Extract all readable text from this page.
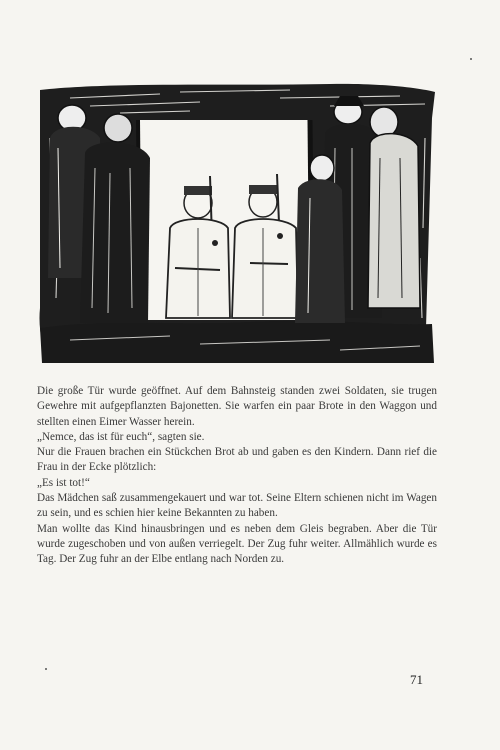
Die große Tür wurde geöffnet. Auf dem Bahnsteig standen zwei Soldaten, sie trugen Gewehre mit aufgepflanzten Bajonetten. Sie warfen ein paar Brote in den Waggon und stellten einen Eimer Wasser herein.

„Nemce, das ist für euch“, sagten sie.

Nur die Frauen brachen ein Stückchen Brot ab und gaben es den Kindern. Dann rief die Frau in der Ecke plötzlich:

„Es ist tot!“

Das Mädchen saß zusammengekauert und war tot. Seine Eltern schienen nicht im Wagen zu sein, und es schien hier keine Bekannten zu haben.

Man wollte das Kind hinausbringen und es neben dem Gleis begraben. Aber die Tür wurde zugeschoben und von außen verriegelt. Der Zug fuhr weiter. Allmählich wurde es Tag. Der Zug fuhr an der Elbe entlang nach Norden zu.

71
